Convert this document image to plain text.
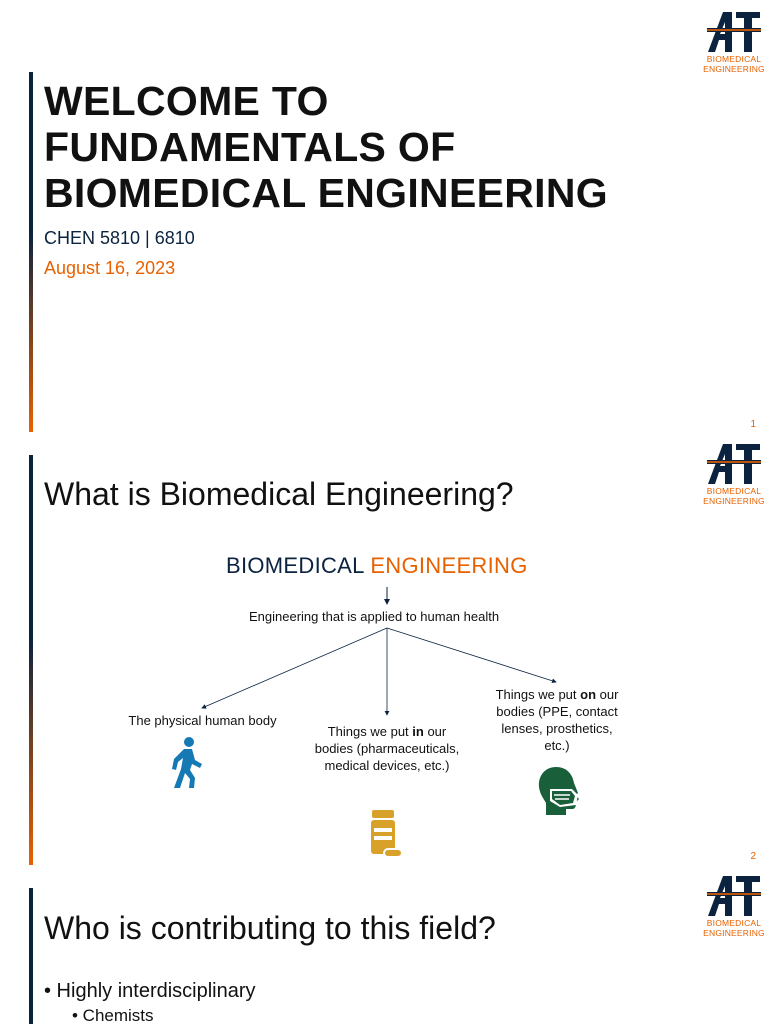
BIOMEDICAL
ENGINEERING
WELCOME TO FUNDAMENTALS OF BIOMEDICAL ENGINEERING
CHEN 5810 | 6810
August 16, 2023
1
BIOMEDICAL
ENGINEERING
What is Biomedical Engineering?
BIOMEDICAL ENGINEERING
Engineering that is applied to human health
The physical human body
Things we put in our bodies (pharmaceuticals, medical devices, etc.)
Things we put on our bodies (PPE, contact lenses, prosthetics, etc.)
2
BIOMEDICAL
ENGINEERING
Who is contributing to this field?
• Highly interdisciplinary
• Chemists
